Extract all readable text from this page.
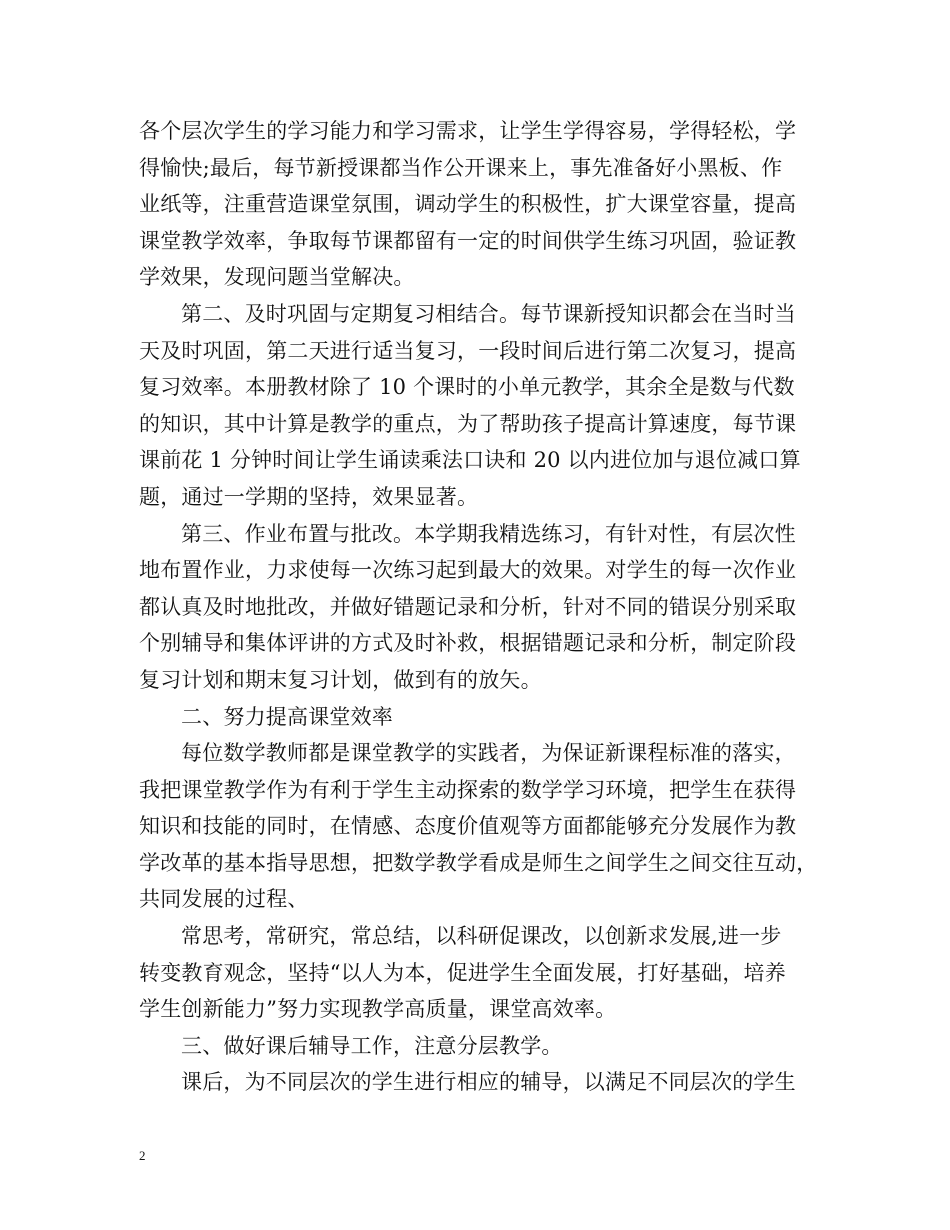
各个层次学生的学习能力和学习需求，让学生学得容易，学得轻松，学
得愉快;最后，每节新授课都当作公开课来上，事先准备好小黑板、作
业纸等，注重营造课堂氛围，调动学生的积极性，扩大课堂容量，提高
课堂教学效率，争取每节课都留有一定的时间供学生练习巩固，验证教
学效果，发现问题当堂解决。
第二、及时巩固与定期复习相结合。每节课新授知识都会在当时当
天及时巩固，第二天进行适当复习，一段时间后进行第二次复习，提高
复习效率。本册教材除了 10 个课时的小单元教学，其余全是数与代数
的知识，其中计算是教学的重点，为了帮助孩子提高计算速度，每节课
课前花 1 分钟时间让学生诵读乘法口诀和 20 以内进位加与退位减口算
题，通过一学期的坚持，效果显著。
第三、作业布置与批改。本学期我精选练习，有针对性，有层次性
地布置作业，力求使每一次练习起到最大的效果。对学生的每一次作业
都认真及时地批改，并做好错题记录和分析，针对不同的错误分别采取
个别辅导和集体评讲的方式及时补救，根据错题记录和分析，制定阶段
复习计划和期末复习计划，做到有的放矢。
二、努力提高课堂效率
每位数学教师都是课堂教学的实践者，为保证新课程标准的落实，
我把课堂教学作为有利于学生主动探索的数学学习环境，把学生在获得
知识和技能的同时，在情感、态度价值观等方面都能够充分发展作为教
学改革的基本指导思想，把数学教学看成是师生之间学生之间交往互动，
共同发展的过程、
常思考，常研究，常总结，以科研促课改，以创新求发展,进一步
转变教育观念，坚持“以人为本，促进学生全面发展，打好基础，培养
学生创新能力”努力实现教学高质量，课堂高效率。
三、做好课后辅导工作，注意分层教学。
课后，为不同层次的学生进行相应的辅导，以满足不同层次的学生
2
